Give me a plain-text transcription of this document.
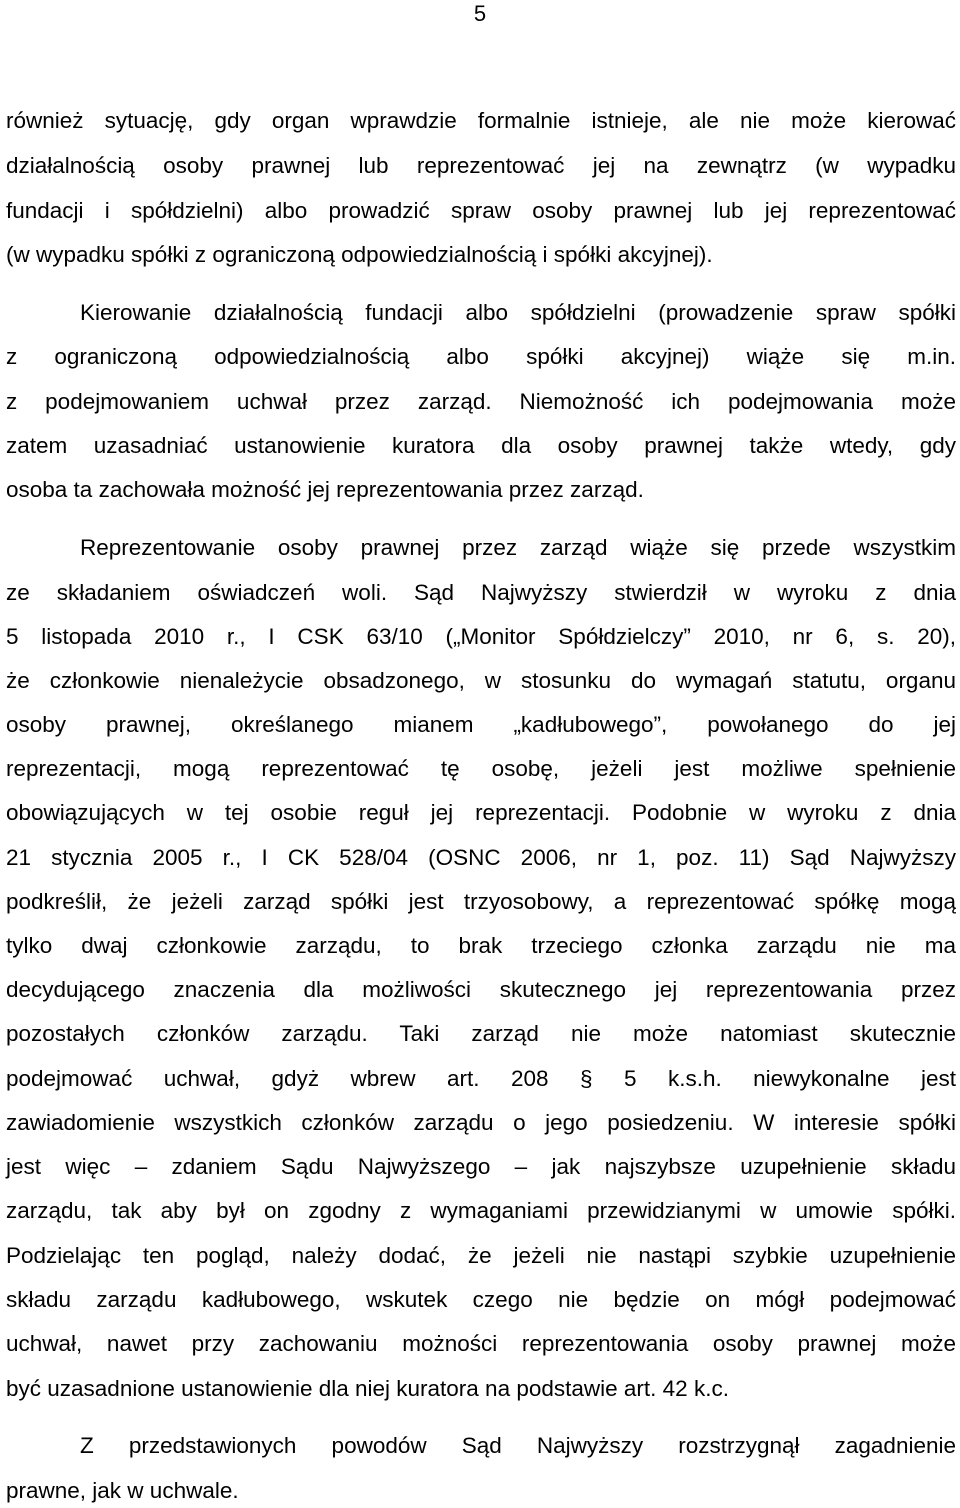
5
również sytuację, gdy organ wprawdzie formalnie istnieje, ale nie może kierować
działalnością osoby prawnej lub reprezentować jej na zewnątrz (w wypadku
fundacji i spółdzielni) albo prowadzić spraw osoby prawnej lub jej reprezentować
(w wypadku spółki z ograniczoną odpowiedzialnością i spółki akcyjnej).
Kierowanie działalnością fundacji albo spółdzielni (prowadzenie spraw spółki
z ograniczoną odpowiedzialnością albo spółki akcyjnej) wiąże się m.in.
z podejmowaniem uchwał przez zarząd. Niemożność ich podejmowania może
zatem uzasadniać ustanowienie kuratora dla osoby prawnej także wtedy, gdy
osoba ta zachowała możność jej reprezentowania przez zarząd.
Reprezentowanie osoby prawnej przez zarząd wiąże się przede wszystkim
ze składaniem oświadczeń woli. Sąd Najwyższy stwierdził w wyroku z dnia
5 listopada 2010 r., I CSK 63/10 („Monitor Spółdzielczy” 2010, nr 6, s. 20),
że członkowie nienależycie obsadzonego, w stosunku do wymagań statutu, organu
osoby prawnej, określanego mianem „kadłubowego”, powołanego do jej
reprezentacji, mogą reprezentować tę osobę, jeżeli jest możliwe spełnienie
obowiązujących w tej osobie reguł jej reprezentacji. Podobnie w wyroku z dnia
21 stycznia 2005 r., I CK 528/04 (OSNC 2006, nr 1, poz. 11) Sąd Najwyższy
podkreślił, że jeżeli zarząd spółki jest trzyosobowy, a reprezentować spółkę mogą
tylko dwaj członkowie zarządu, to brak trzeciego członka zarządu nie ma
decydującego znaczenia dla możliwości skutecznego jej reprezentowania przez
pozostałych członków zarządu. Taki zarząd nie może natomiast skutecznie
podejmować uchwał, gdyż wbrew art. 208 § 5 k.s.h. niewykonalne jest
zawiadomienie wszystkich członków zarządu o jego posiedzeniu. W interesie spółki
jest więc – zdaniem Sądu Najwyższego – jak najszybsze uzupełnienie składu
zarządu, tak aby był on zgodny z wymaganiami przewidzianymi w umowie spółki.
Podzielając ten pogląd, należy dodać, że jeżeli nie nastąpi szybkie uzupełnienie
składu zarządu kadłubowego, wskutek czego nie będzie on mógł podejmować
uchwał, nawet przy zachowaniu możności reprezentowania osoby prawnej może
być uzasadnione ustanowienie dla niej kuratora na podstawie art. 42 k.c.
Z przedstawionych powodów Sąd Najwyższy rozstrzygnął zagadnienie
prawne, jak w uchwale.
